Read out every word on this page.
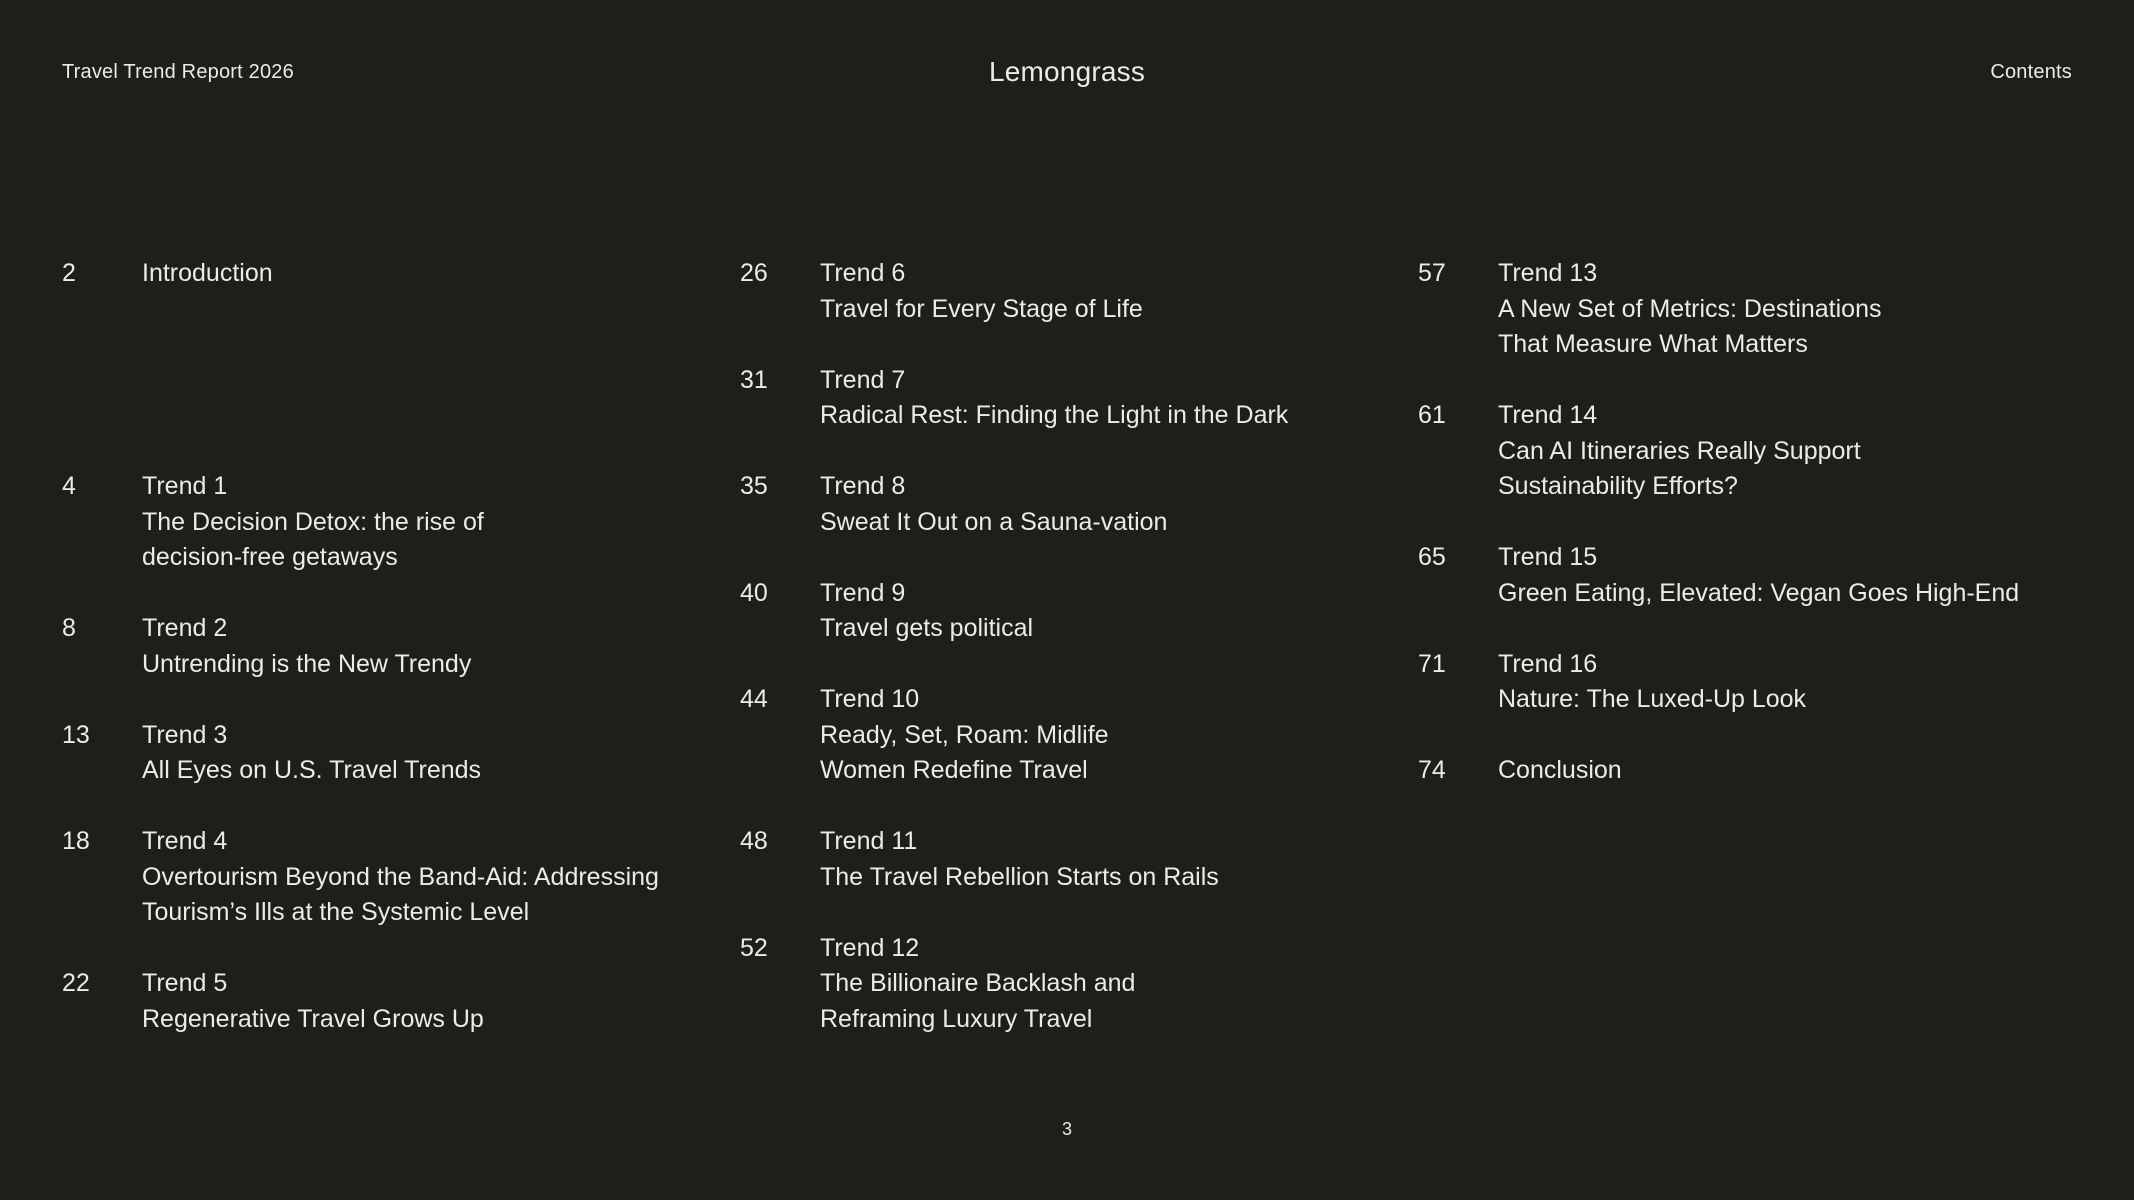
Travel Trend Report 2026	Lemongrass	Contents
2	Introduction
4	Trend 1
The Decision Detox: the rise of
decision-free getaways
8	Trend 2
Untrending is the New Trendy
13 Trend 3
All Eyes on U.S. Travel Trends
18 Trend 4
Overtourism Beyond the Band-Aid: Addressing
Tourism’s Ills at the Systemic Level
22 Trend 5
Regenerative Travel Grows Up
26 Trend 6
Travel for Every Stage of Life
31 Trend 7
Radical Rest: Finding the Light in the Dark
35 Trend 8
Sweat It Out on a Sauna-vation
40 Trend 9
Travel gets political
44 Trend 10
Ready, Set, Roam: Midlife
Women Redefine Travel
48 Trend 11
The Travel Rebellion Starts on Rails
52 Trend 12
The Billionaire Backlash and
Reframing Luxury Travel
57 Trend 13
A New Set of Metrics: Destinations
That Measure What Matters
61 Trend 14
Can AI Itineraries Really Support
Sustainability Efforts?
65 Trend 15
Green Eating, Elevated: Vegan Goes High-End
71 Trend 16
Nature: The Luxed-Up Look
74 Conclusion
3
